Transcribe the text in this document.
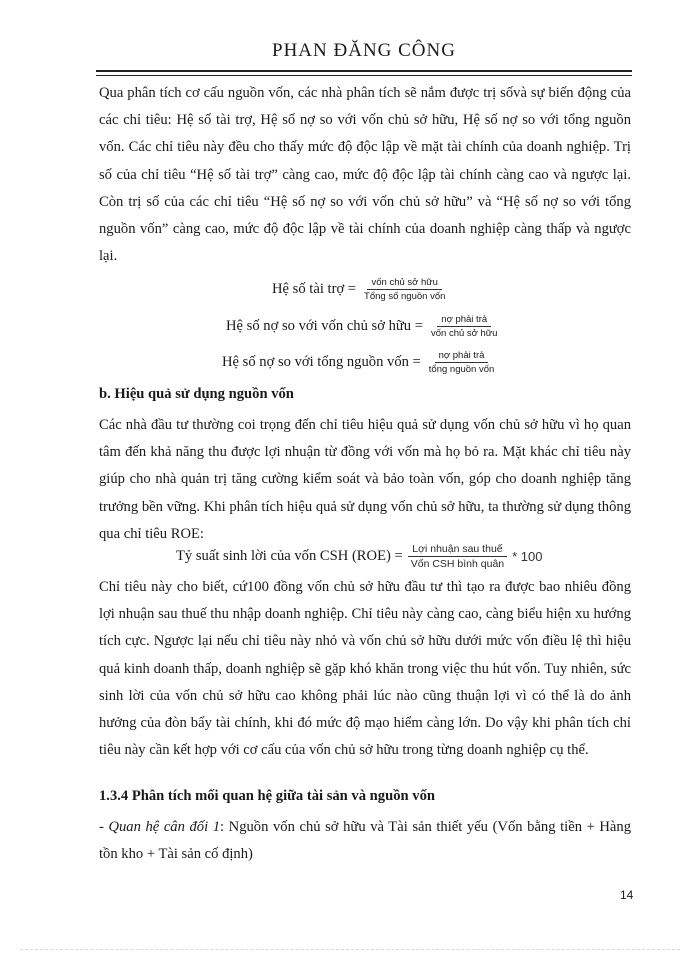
PHAN ĐĂNG CÔNG

Qua phân tích cơ cấu nguồn vốn, các nhà phân tích sẽ nắm được trị sốvà sự biến động của các chỉ tiêu: Hệ số tài trợ, Hệ số nợ so với vốn chủ sở hữu, Hệ số nợ so với tổng nguồn vốn. Các chỉ tiêu này đều cho thấy mức độ độc lập về mặt tài chính của doanh nghiệp. Trị số của chỉ tiêu “Hệ số tài trợ” càng cao, mức độ độc lập tài chính càng cao và ngược lại. Còn trị số của các chỉ tiêu “Hệ số nợ so với vốn chủ sở hữu” và “Hệ số nợ so với tổng nguồn vốn” càng cao, mức độ độc lập về tài chính của doanh nghiệp càng thấp và ngược lại.

Hệ số tài trợ = $\frac{\text{vốn chủ sở hữu}}{\text{Tổng số nguồn vốn}}$
Hệ số nợ so với vốn chủ sở hữu = $\frac{\text{nợ phải trả}}{\text{vốn chủ sở hữu}}$
Hệ số nợ so với tổng nguồn vốn = $\frac{\text{nợ phải trả}}{\text{tổng nguồn vốn}}$
b. Hiệu quả sử dụng nguồn vốn

Các nhà đầu tư thường coi trọng đến chỉ tiêu hiệu quả sử dụng vốn chủ sở hữu vì họ quan tâm đến khả năng thu được lợi nhuận từ đồng với vốn mà họ bỏ ra. Mặt khác chỉ tiêu này giúp cho nhà quản trị tăng cường kiểm soát và bảo toàn vốn, góp cho doanh nghiệp tăng trưởng bền vững. Khi phân tích hiệu quả sử dụng vốn chủ sở hữu, ta thường sử dụng thông qua chỉ tiêu ROE:

Tỷ suất sinh lời của vốn CSH $(ROE) = \frac{\text{Lợi nhuận sau thuế}}{\text{Vốn CSH bình quân}} * 100$

Chỉ tiêu này cho biết, cứ100 đồng vốn chủ sở hữu đầu tư thì tạo ra được bao nhiêu đồng lợi nhuận sau thuế thu nhập doanh nghiệp. Chỉ tiêu này càng cao, càng biểu hiện xu hướng tích cực. Ngược lại nếu chỉ tiêu này nhỏ và vốn chủ sở hữu dưới mức vốn điều lệ thì hiệu quả kinh doanh thấp, doanh nghiệp sẽ gặp khó khăn trong việc thu hút vốn. Tuy nhiên, sức sinh lời của vốn chủ sở hữu cao không phải lúc nào cũng thuận lợi vì có thể là do ảnh hưởng của đòn bẩy tài chính, khi đó mức độ mạo hiểm càng lớn. Do vậy khi phân tích chỉ tiêu này cần kết hợp với cơ cấu của vốn chủ sở hữu trong từng doanh nghiệp cụ thể.

1.3.4 Phân tích mối quan hệ giữa tài sản và nguồn vốn

- Quan hệ cân đối 1: Nguồn vốn chủ sở hữu và Tài sản thiết yếu (Vốn bằng tiền + Hàng tồn kho + Tài sản cố định)

14
